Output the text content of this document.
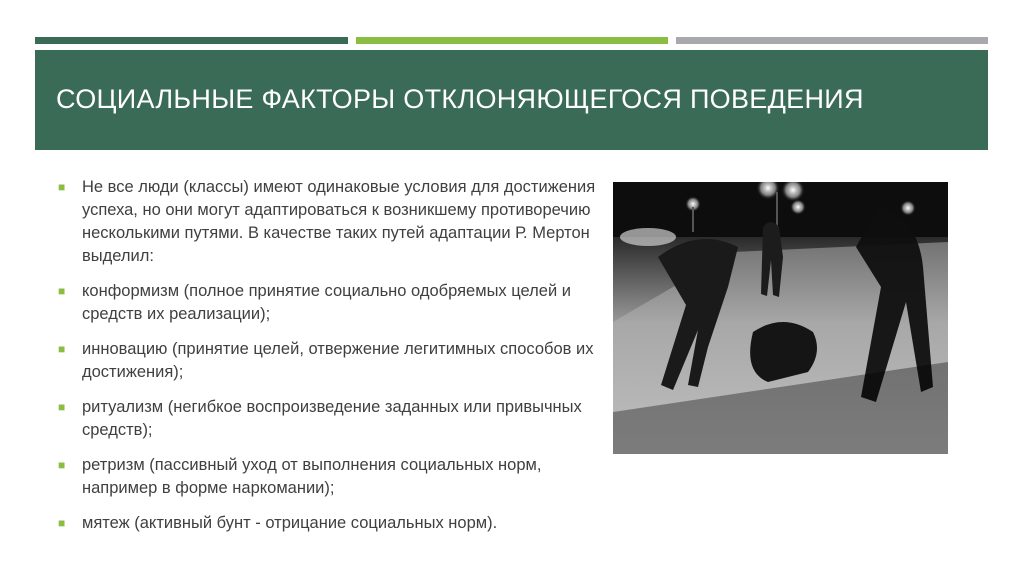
СОЦИАЛЬНЫЕ ФАКТОРЫ ОТКЛОНЯЮЩЕГОСЯ ПОВЕДЕНИЯ
■ Не все люди (классы) имеют одинаковые условия для достижения успеха, но они могут адаптироваться к возникшему противоречию несколькими путями. В качестве таких путей адаптации Р. Мертон выделил:
■ конформизм (полное принятие социально одобряемых целей и средств их реализации);
■ инновацию (принятие целей, отвержение легитимных способов их достижения);
■ ритуализм (негибкое воспроизведение заданных или привычных средств);
■ ретризм (пассивный уход от выполнения социальных норм, например в форме наркомании);
■ мятеж (активный бунт - отрицание социальных норм).
